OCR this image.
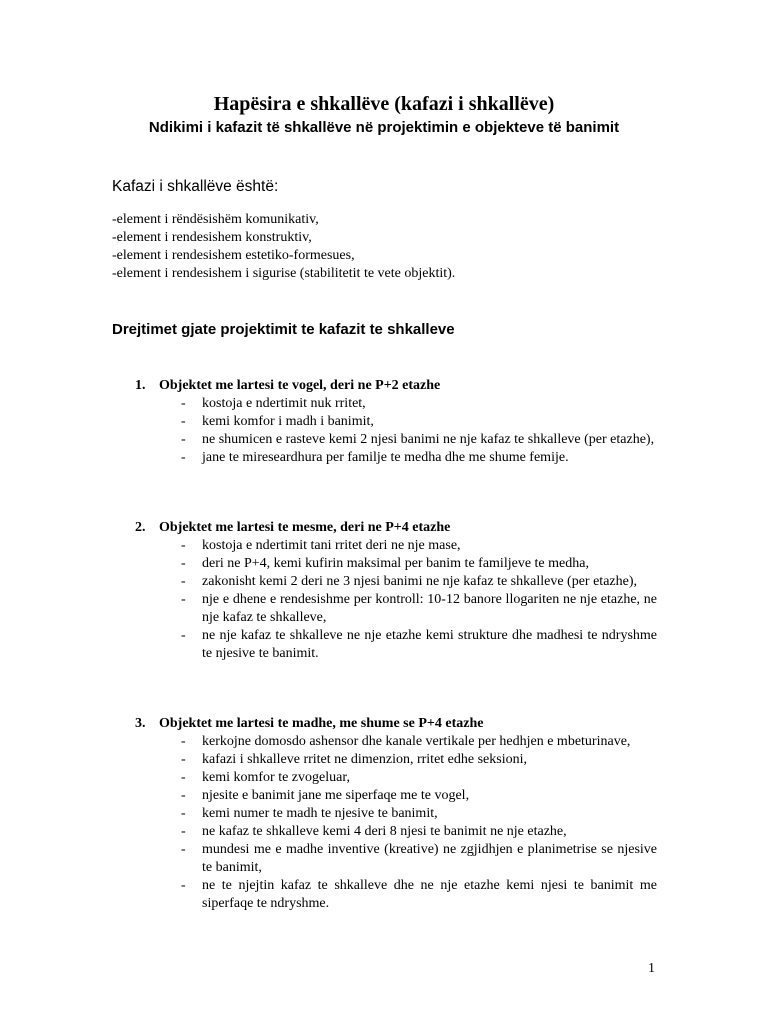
Hapësira e shkallëve (kafazi i shkallëve)
Ndikimi i kafazit të shkallëve në projektimin e objekteve të banimit
Kafazi i shkallëve është:
-element i rëndësishëm komunikativ,
-element i rendesishem konstruktiv,
-element i rendesishem estetiko-formesues,
-element i rendesishem i sigurise (stabilitetit te vete objektit).
Drejtimet gjate projektimit te kafazit te shkalleve
1. Objektet me lartesi te vogel, deri ne P+2 etazhe
- kostoja e ndertimit nuk rritet,
- kemi komfor i madh i banimit,
- ne shumicen e rasteve kemi 2 njesi banimi ne nje kafaz te shkalleve (per etazhe),
- jane te mireseardhura per familje te medha dhe me shume femije.
2. Objektet me lartesi te mesme, deri ne P+4 etazhe
- kostoja e ndertimit tani rritet deri ne nje mase,
- deri ne P+4, kemi kufirin maksimal per banim te familjeve te medha,
- zakonisht kemi 2 deri ne 3 njesi banimi ne nje kafaz te shkalleve (per etazhe),
- nje e dhene e rendesishme per kontroll: 10-12 banore llogariten ne nje etazhe, ne nje kafaz te shkalleve,
- ne nje kafaz te shkalleve ne nje etazhe kemi strukture dhe madhesi te ndryshme te njesive te banimit.
3. Objektet me lartesi te madhe, me shume se P+4 etazhe
- kerkojne domosdo ashensor dhe kanale vertikale per hedhjen e mbeturinave,
- kafazi i shkalleve rritet ne dimenzion, rritet edhe seksioni,
- kemi komfor te zvogeluar,
- njesite e banimit jane me siperfaqe me te vogel,
- kemi numer te madh te njesive te banimit,
- ne kafaz te shkalleve kemi 4 deri 8 njesi te banimit ne nje etazhe,
- mundesi me e madhe inventive (kreative) ne zgjidhjen e planimetrise se njesive te banimit,
- ne te njejtin kafaz te shkalleve dhe ne nje etazhe kemi njesi te banimit me siperfaqe te ndryshme.
1
